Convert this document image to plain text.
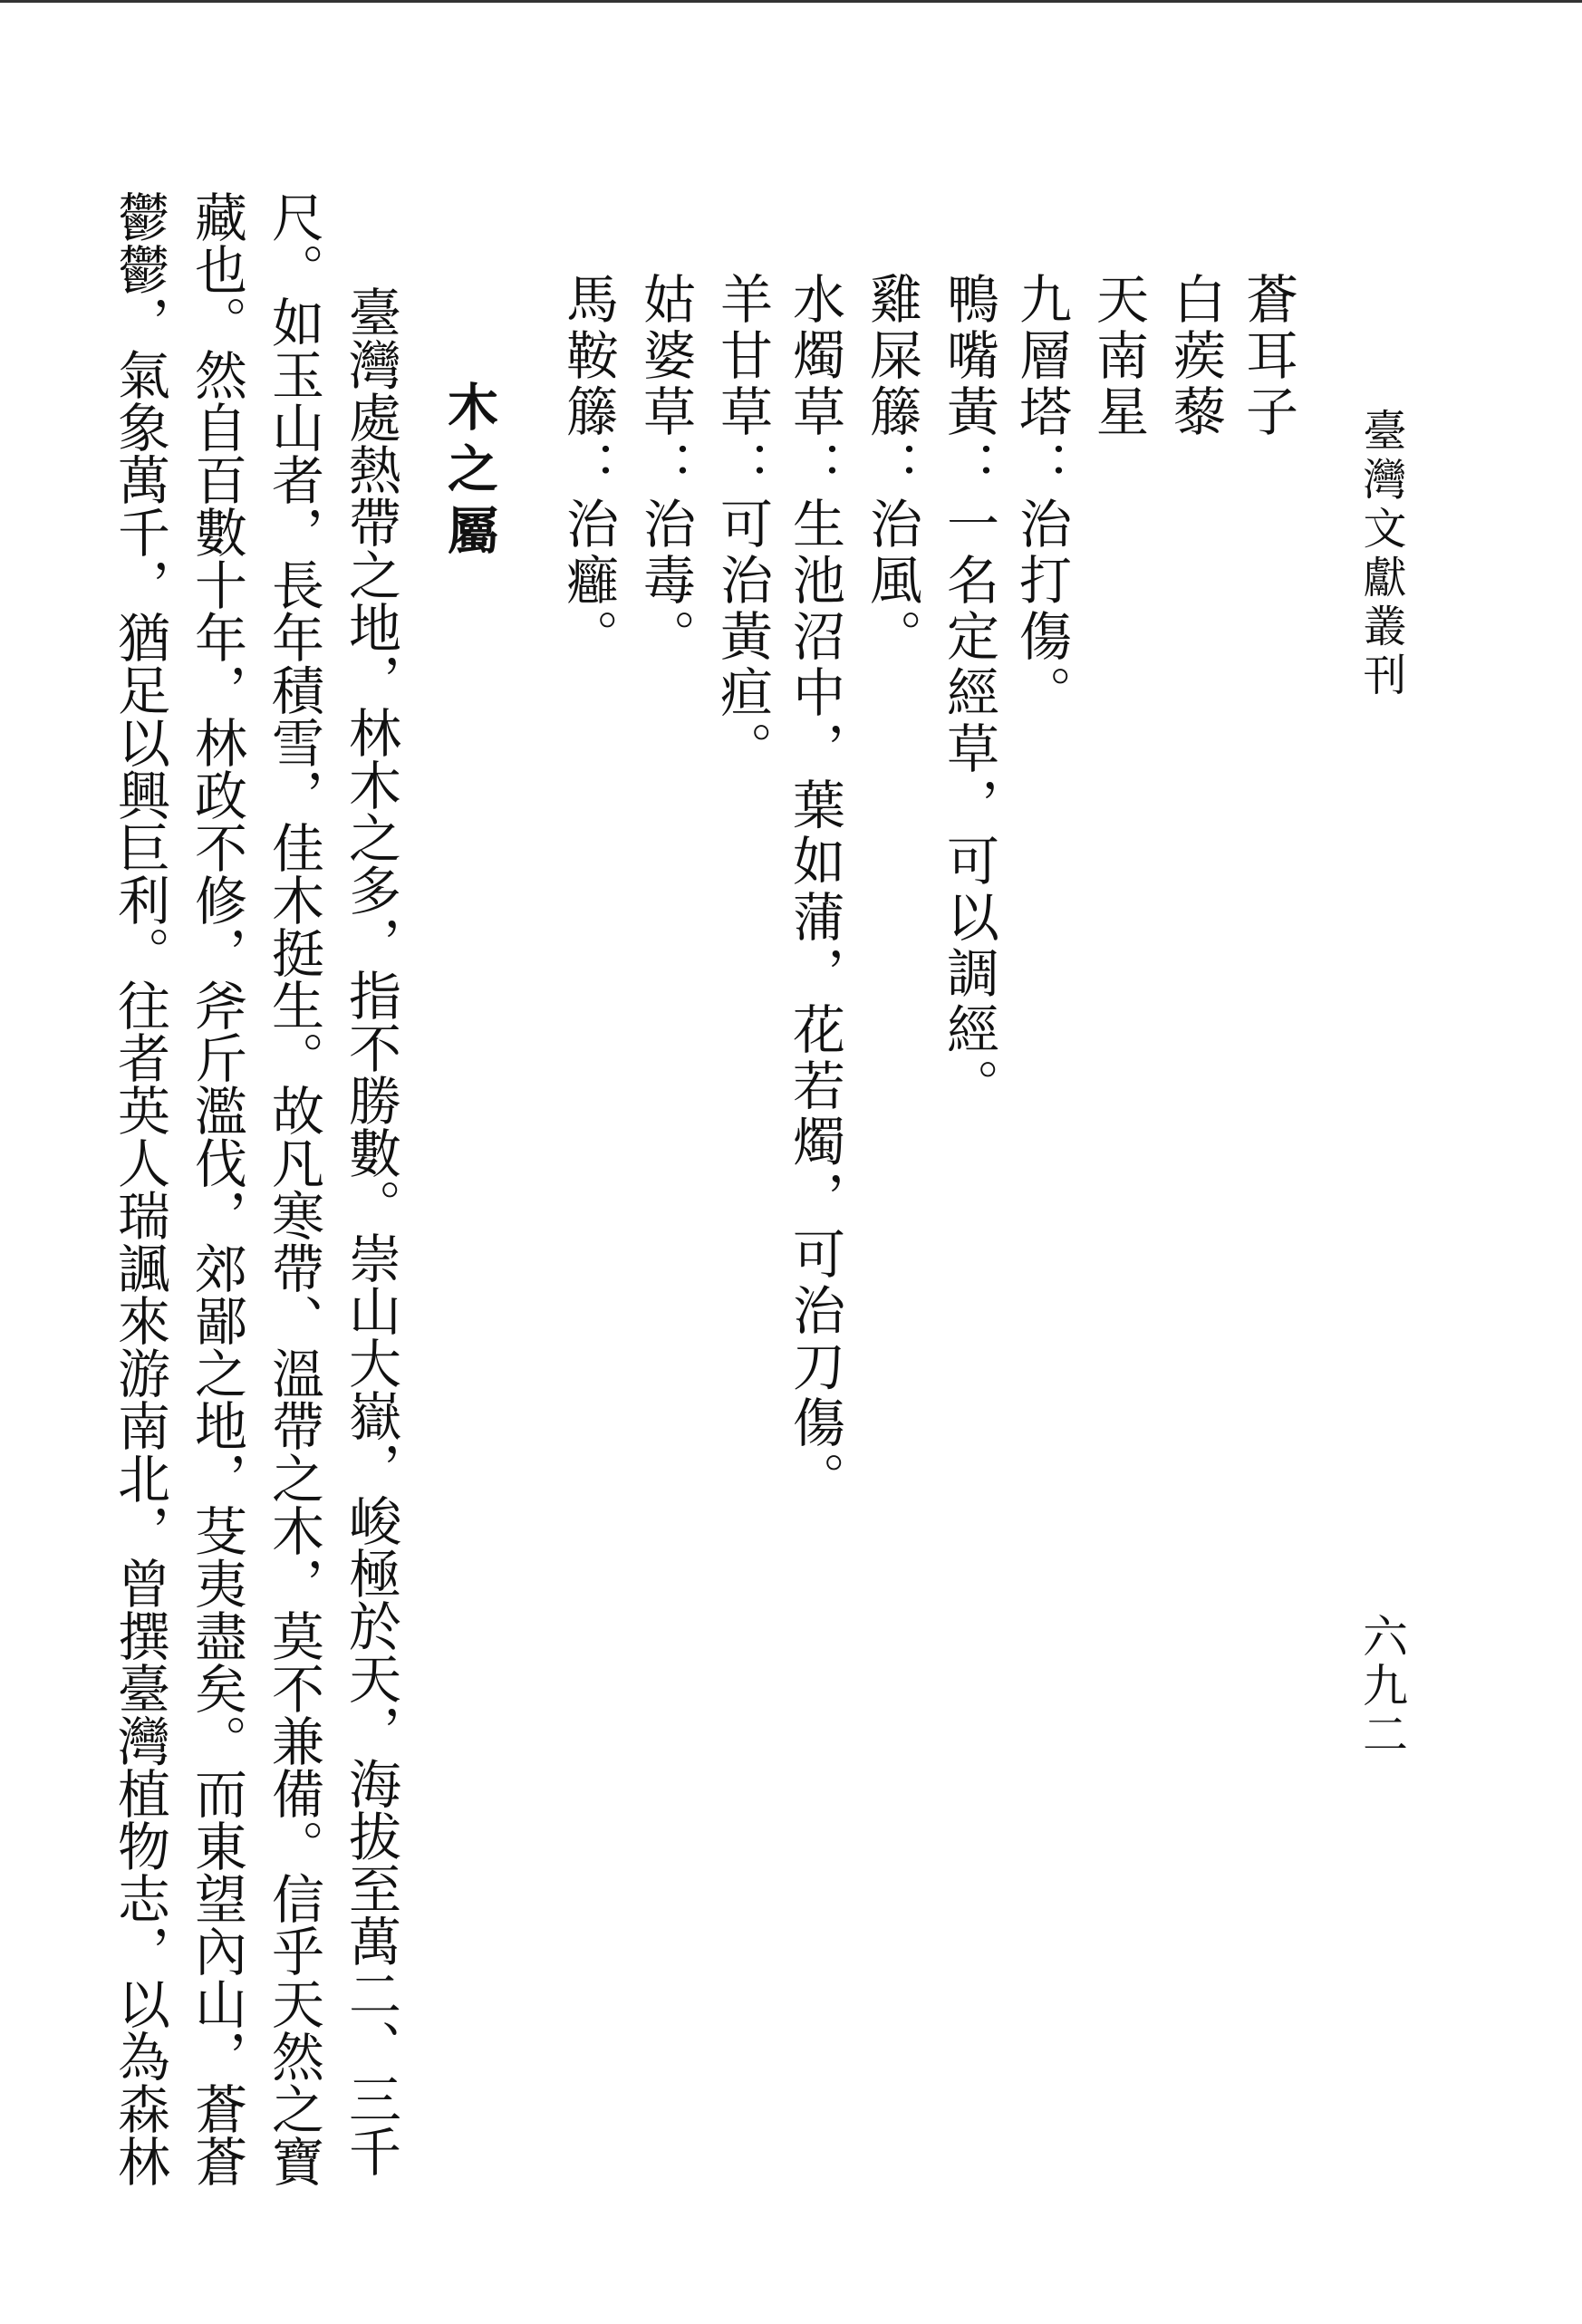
臺灣文獻叢刊
六九二
蒼耳子
白蒺藜
天南星
九層塔：治打傷。
鴨嘴黃：一名定經草，可以調經。
雞屎籐：治風。
水燭草：生池沼中，葉如蒲，花若燭，可治刀傷。
羊甘草：可治黃疸。
姑婆草：治毒。
馬鞍籐：治癰。
木之屬
臺灣處熱帶之地，林木之多，指不勝數。崇山大嶽，峻極於天，海拔至萬二、三千
尺。如玉山者，長年積雪，佳木挺生。故凡寒帶、溫帶之木，莫不兼備。信乎天然之寶
藏也。然自百數十年，林政不修，斧斤濫伐，郊鄙之地，芟夷盡矣。而東望內山，蒼蒼
鬱鬱，氣象萬千，猶足以興巨利。往者英人瑞諷來游南北，曾撰臺灣植物志，以為森林
